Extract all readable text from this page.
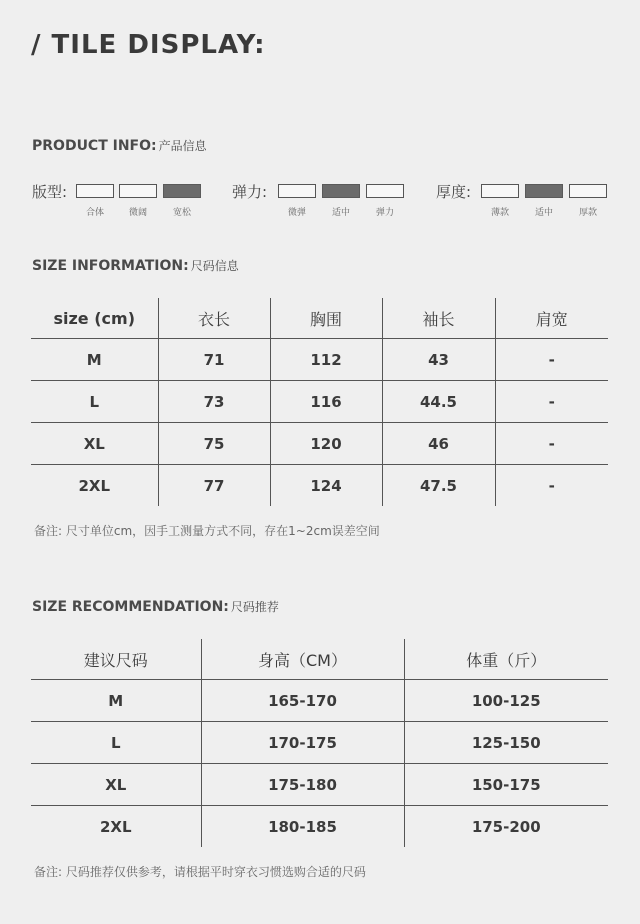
/ TILE DISPLAY:
PRODUCT INFO: 产品信息
版型:
合体	微阔	宽松
弹力:
微弹	适中	弹力
厚度:
薄款	适中	厚款
SIZE INFORMATION: 尺码信息
size (cm)	衣长	胸围	袖长	肩宽
M	71	112	43	-
L	73	116	44.5	-
XL	75	120	46	-
2XL	77	124	47.5	-
备注: 尺寸单位cm，因手工测量方式不同，存在1~2cm误差空间
SIZE RECOMMENDATION: 尺码推荐
建议尺码	身高（CM）	体重（斤）
M	165-170	100-125
L	170-175	125-150
XL	175-180	150-175
2XL	180-185	175-200
备注: 尺码推荐仅供参考，请根据平时穿衣习惯选购合适的尺码
